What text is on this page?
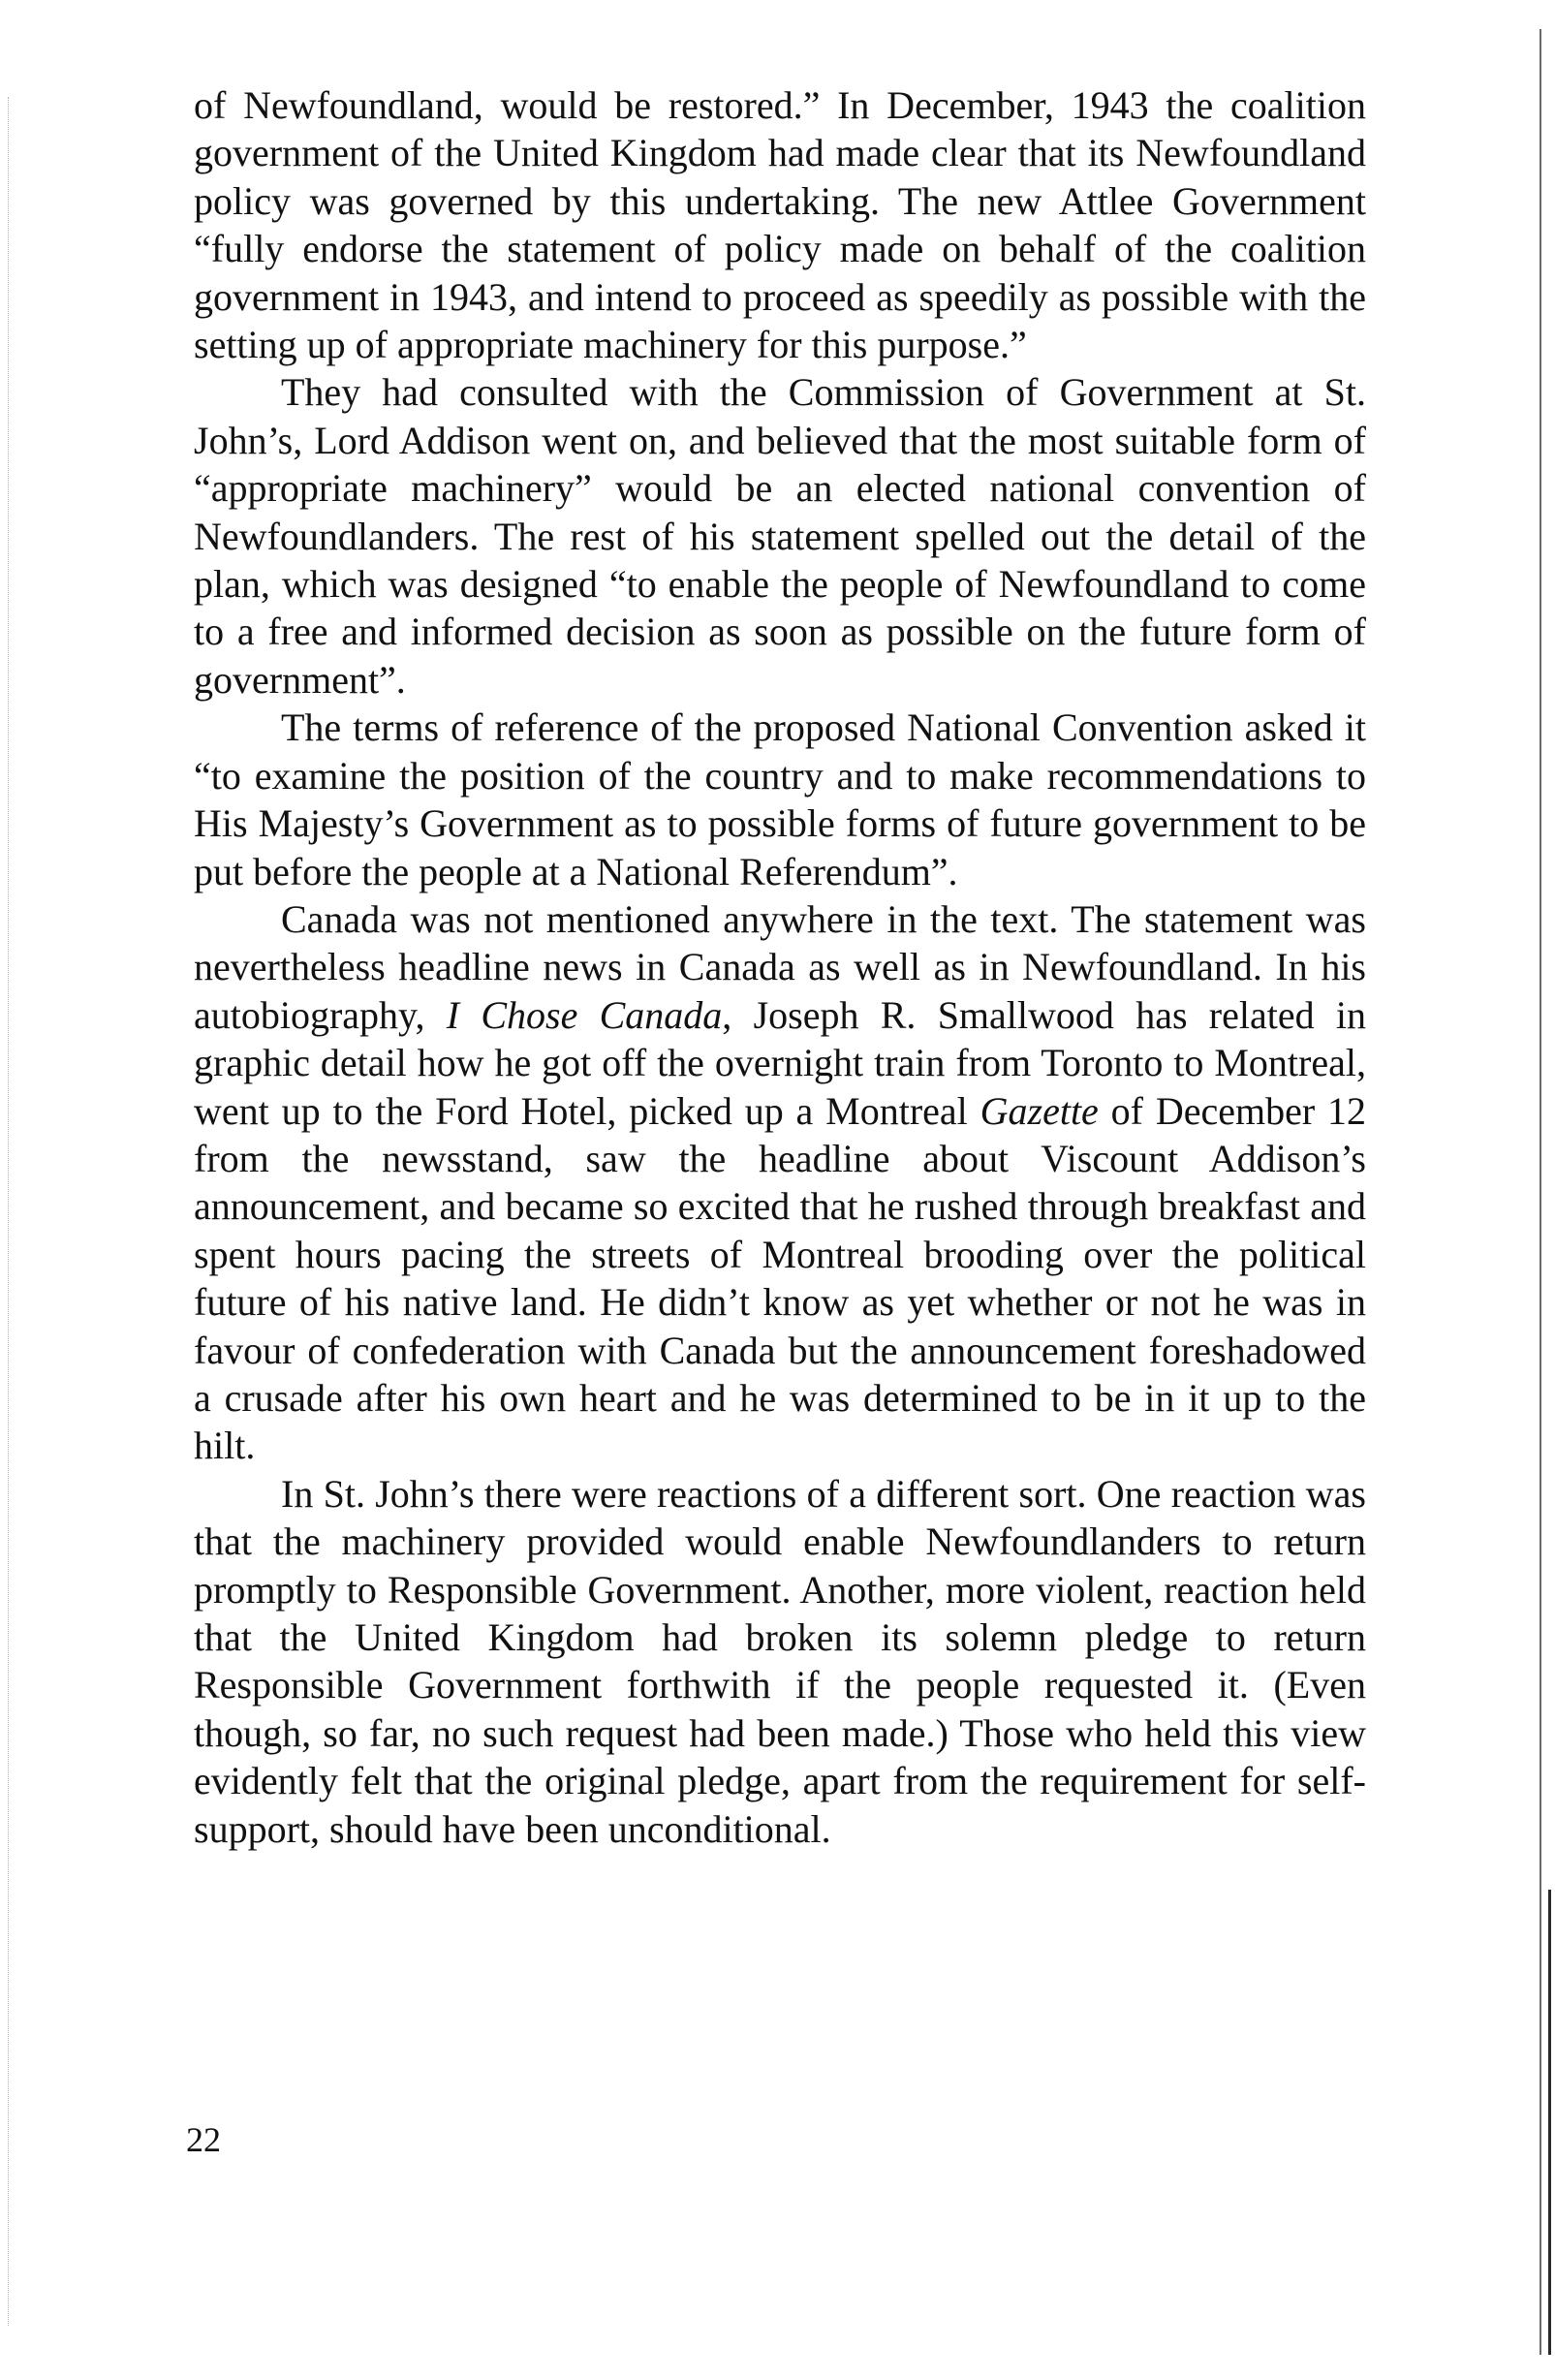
of Newfoundland, would be restored.” In December, 1943 the coalition government of the United Kingdom had made clear that its Newfoundland policy was governed by this undertaking. The new Attlee Government “fully endorse the statement of policy made on behalf of the coalition government in 1943, and intend to proceed as speedily as possible with the setting up of appropriate machinery for this purpose.”

They had consulted with the Commission of Government at St. John’s, Lord Addison went on, and believed that the most suitable form of “appropriate machinery” would be an elected national convention of Newfoundlanders. The rest of his statement spelled out the detail of the plan, which was designed “to enable the people of Newfoundland to come to a free and informed decision as soon as possible on the future form of government”.

The terms of reference of the proposed National Convention asked it “to examine the position of the country and to make recommendations to His Majesty’s Government as to possible forms of future government to be put before the people at a National Referendum”.

Canada was not mentioned anywhere in the text. The statement was nevertheless headline news in Canada as well as in Newfoundland. In his autobiography, I Chose Canada, Joseph R. Smallwood has related in graphic detail how he got off the overnight train from Toronto to Montreal, went up to the Ford Hotel, picked up a Montreal Gazette of December 12 from the newsstand, saw the headline about Viscount Addison’s announcement, and became so excited that he rushed through breakfast and spent hours pacing the streets of Montreal brooding over the political future of his native land. He didn’t know as yet whether or not he was in favour of confederation with Canada but the announcement foreshadowed a crusade after his own heart and he was determined to be in it up to the hilt.

In St. John’s there were reactions of a different sort. One reaction was that the machinery provided would enable Newfoundlanders to return promptly to Responsible Government. Another, more violent, reaction held that the United Kingdom had broken its solemn pledge to return Responsible Government forthwith if the people requested it. (Even though, so far, no such request had been made.) Those who held this view evidently felt that the original pledge, apart from the requirement for self-support, should have been unconditional.

22
